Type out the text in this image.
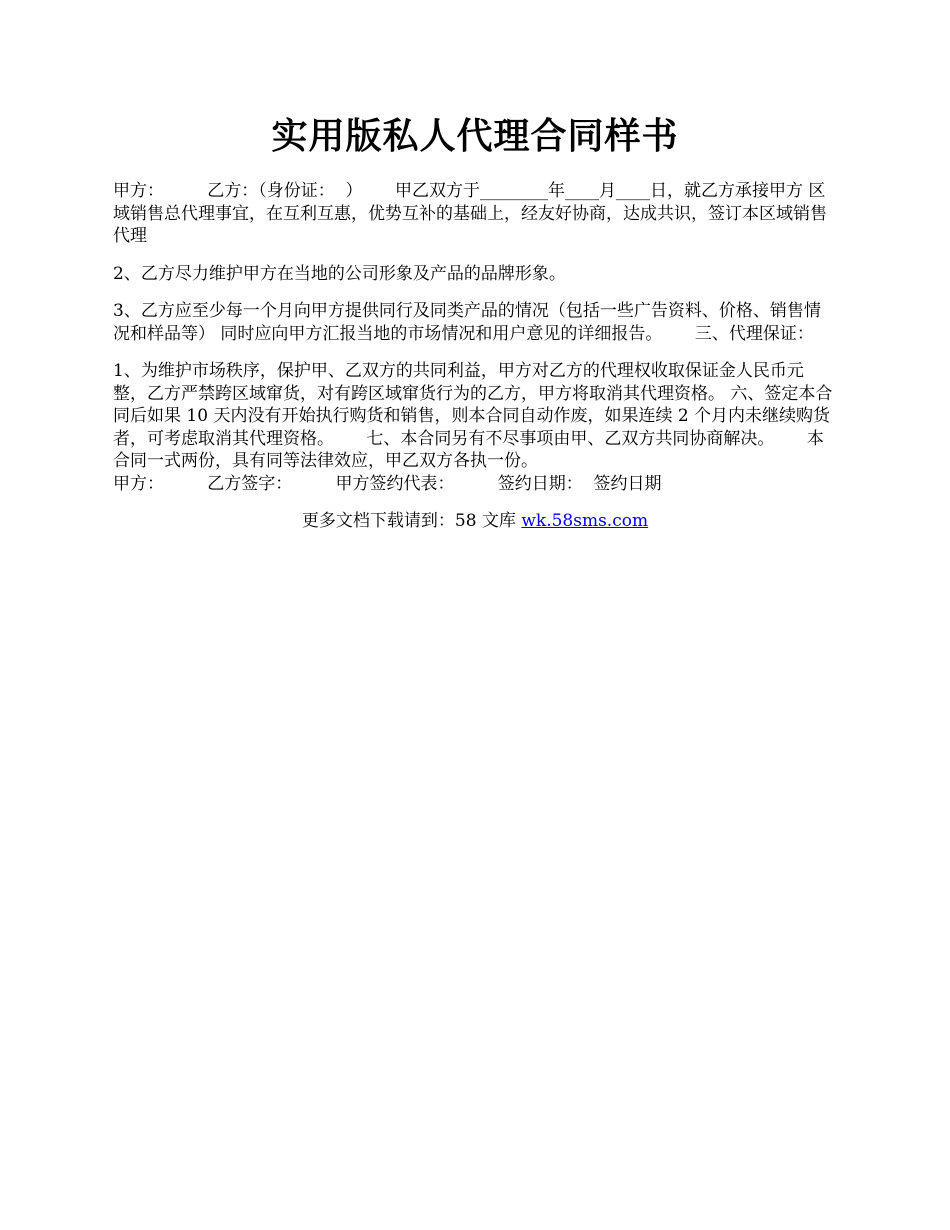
实用版私人代理合同样书

甲方：        乙方：（身份证：  ）      甲乙双方于________年____月____日，就乙方承接甲方 区域销售总代理事宜，在互利互惠，优势互补的基础上，经友好协商，达成共识，签订本区域销售代理

2、乙方尽力维护甲方在当地的公司形象及产品的品牌形象。

3、乙方应至少每一个月向甲方提供同行及同类产品的情况（包括一些广告资料、价格、销售情况和样品等） 同时应向甲方汇报当地的市场情况和用户意见的详细报告。      三、代理保证：

1、为维护市场秩序，保护甲、乙双方的共同利益，甲方对乙方的代理权收取保证金人民币元整，乙方严禁跨区域窜货，对有跨区域窜货行为的乙方，甲方将取消其代理资格。 六、签定本合同后如果 10 天内没有开始执行购货和销售，则本合同自动作废，如果连续 2 个月内未继续购货者，可考虑取消其代理资格。      七、本合同另有不尽事项由甲、乙双方共同协商解决。      本合同一式两份，具有同等法律效应，甲乙双方各执一份。

甲方：        乙方签字：        甲方签约代表：        签约日期：  签约日期

更多文档下载请到：58 文库 wk.58sms.com
